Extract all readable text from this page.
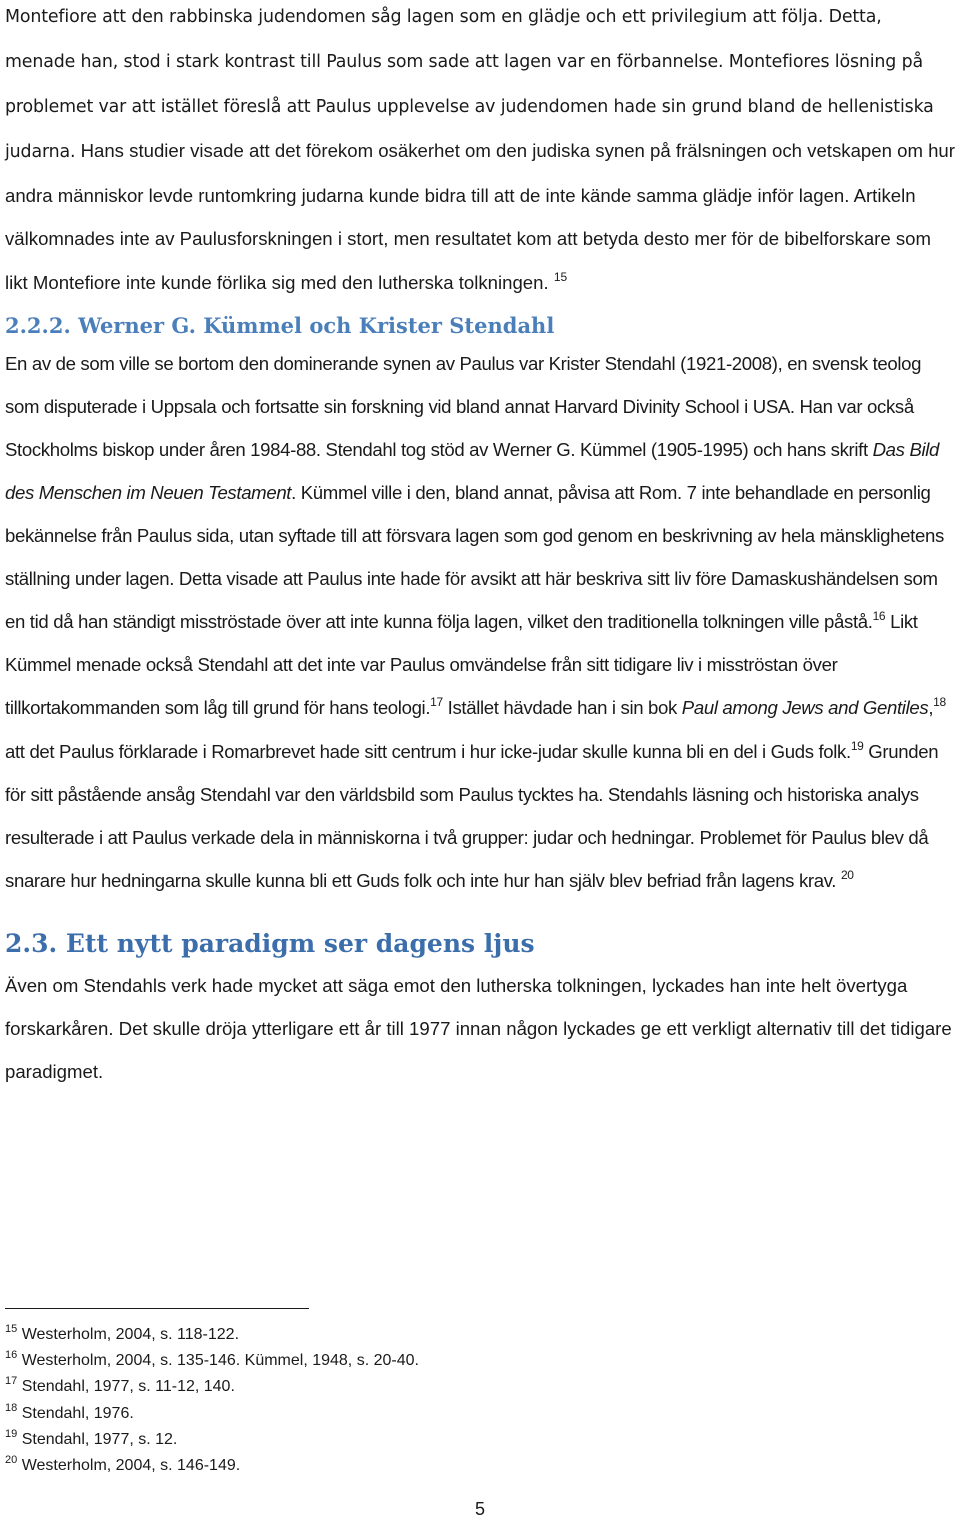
Montefiore att den rabbinska judendomen såg lagen som en glädje och ett privilegium att följa. Detta, menade han, stod i stark kontrast till Paulus som sade att lagen var en förbannelse. Montefiores lösning på problemet var att istället föreslå att Paulus upplevelse av judendomen hade sin grund bland de hellenistiska judarna. Hans studier visade att det förekom osäkerhet om den judiska synen på frälsningen och vetskapen om hur andra människor levde runtomkring judarna kunde bidra till att de inte kände samma glädje inför lagen. Artikeln välkomnades inte av Paulusforskningen i stort, men resultatet kom att betyda desto mer för de bibelforskare som likt Montefiore inte kunde förlika sig med den lutherska tolkningen. $^{15}$

2.2.2. Werner G. Kümmel och Krister Stendahl

En av de som ville se bortom den dominerande synen av Paulus var Krister Stendahl (1921-2008), en svensk teolog som disputerade i Uppsala och fortsatte sin forskning vid bland annat Harvard Divinity School i USA. Han var också Stockholms biskop under åren 1984-88. Stendahl tog stöd av Werner G. Kümmel (1905-1995) och hans skrift Das Bild des Menschen im Neuen Testament. Kümmel ville i den, bland annat, påvisa att Rom. 7 inte behandlade en personlig bekännelse från Paulus sida, utan syftade till att försvara lagen som god genom en beskrivning av hela mänsklighetens ställning under lagen. Detta visade att Paulus inte hade för avsikt att här beskriva sitt liv före Damaskushändelsen som en tid då han ständigt misströstade över att inte kunna följa lagen, vilket den traditionella tolkningen ville påstå.$^{16}$ Likt Kümmel menade också Stendahl att det inte var Paulus omvändelse från sitt tidigare liv i misströstan över tillkortakommanden som låg till grund för hans teologi.$^{17}$ Istället hävdade han i sin bok Paul among Jews and Gentiles,$^{18}$ att det Paulus förklarade i Romarbrevet hade sitt centrum i hur icke-judar skulle kunna bli en del i Guds folk.$^{19}$ Grunden för sitt påstående ansåg Stendahl var den världsbild som Paulus tycktes ha. Stendahls läsning och historiska analys resulterade i att Paulus verkade dela in människorna i två grupper: judar och hedningar. Problemet för Paulus blev då snarare hur hedningarna skulle kunna bli ett Guds folk och inte hur han själv blev befriad från lagens krav. $^{20}$

2.3. Ett nytt paradigm ser dagens ljus

Även om Stendahls verk hade mycket att säga emot den lutherska tolkningen, lyckades han inte helt övertyga forskarkåren. Det skulle dröja ytterligare ett år till 1977 innan någon lyckades ge ett verkligt alternativ till det tidigare paradigmet.

$^{15}$ Westerholm, 2004, s. 118-122.

$^{16}$ Westerholm, 2004, s. 135-146. Kümmel, 1948, s. 20-40.

$^{17}$ Stendahl, 1977, s. 11-12, 140.

$^{18}$ Stendahl, 1976.

$^{19}$ Stendahl, 1977, s. 12.

$^{20}$ Westerholm, 2004, s. 146-149.

5
